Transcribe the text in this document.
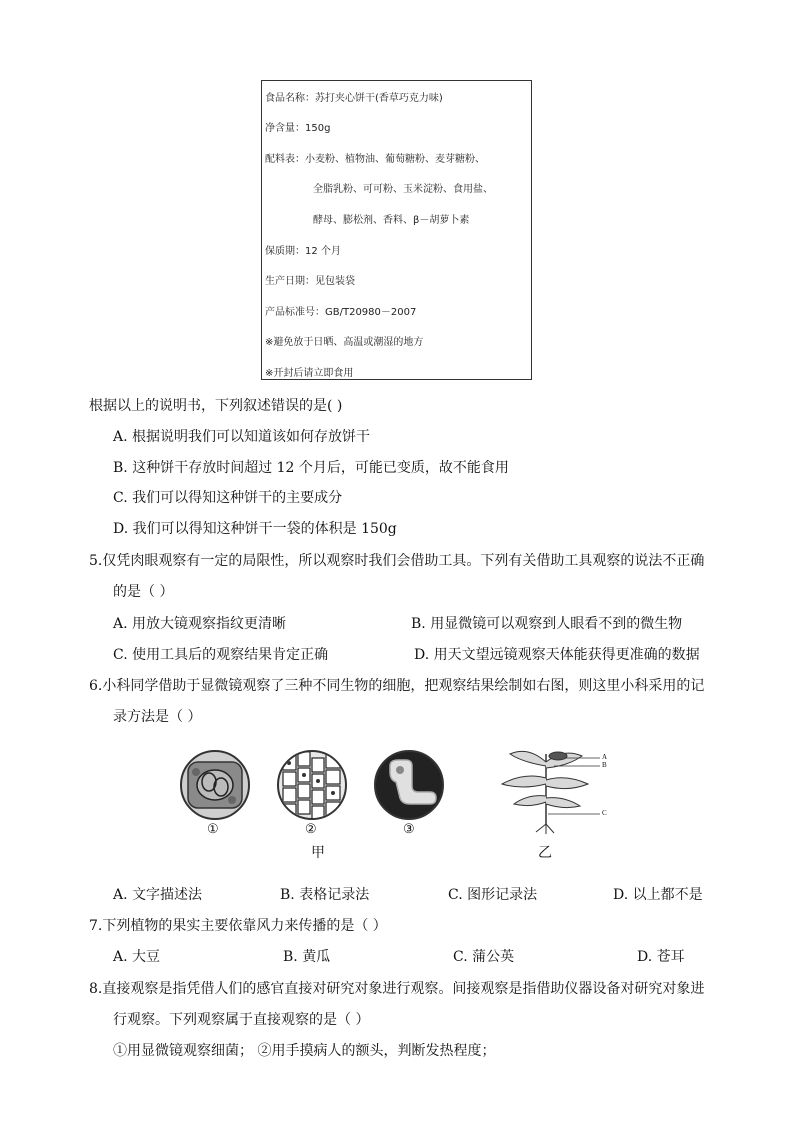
食品名称：苏打夹心饼干(香草巧克力味)
净含量：150g
配料表：小麦粉、植物油、葡萄糖粉、麦芽糖粉、
全脂乳粉、可可粉、玉米淀粉、食用盐、
酵母、膨松剂、香料、β－胡萝卜素
保质期：12 个月
生产日期：见包装袋
产品标准号：GB/T20980－2007
※避免放于日晒、高温或潮湿的地方
※开封后请立即食用
根据以上的说明书，下列叙述错误的是( )
A. 根据说明我们可以知道该如何存放饼干
B. 这种饼干存放时间超过 12 个月后，可能已变质，故不能食用
C. 我们可以得知这种饼干的主要成分
D. 我们可以得知这种饼干一袋的体积是 150g
5.仅凭肉眼观察有一定的局限性，所以观察时我们会借助工具。下列有关借助工具观察的说法不正确
的是（ ）
A. 用放大镜观察指纹更清晰	B. 用显微镜可以观察到人眼看不到的微生物
C. 使用工具后的观察结果肯定正确	D. 用天文望远镜观察天体能获得更准确的数据
6.小科同学借助于显微镜观察了三种不同生物的细胞，把观察结果绘制如右图，则这里小科采用的记
录方法是（ ）
①	②	③
甲
A
B
C
乙
A. 文字描述法	B. 表格记录法	C. 图形记录法	D. 以上都不是
7.下列植物的果实主要依靠风力来传播的是（ ）
A. 大豆	B. 黄瓜	C. 蒲公英	D. 苍耳
8.直接观察是指凭借人们的感官直接对研究对象进行观察。间接观察是指借助仪器设备对研究对象进
行观察。下列观察属于直接观察的是（ ）
①用显微镜观察细菌； ②用手摸病人的额头，判断发热程度；
